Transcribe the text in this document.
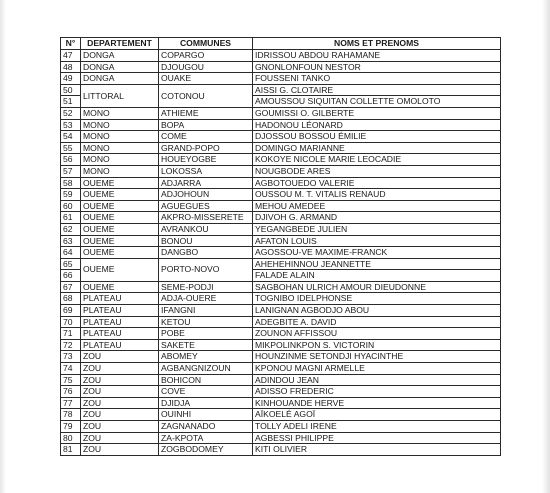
N°	DEPARTEMENT	COMMUNES	NOMS ET PRENOMS
47	DONGA	COPARGO	IDRISSOU ABDOU RAHAMANE
48	DONGA	DJOUGOU	GNONLONFOUN NESTOR
49	DONGA	OUAKE	FOUSSENI TANKO
50	LITTORAL	COTONOU	AISSI G. CLOTAIRE
51			AMOUSSOU SIQUITAN COLLETTE OMOLOTO
52	MONO	ATHIEME	GOUMISSI O. GILBERTE
53	MONO	BOPA	HADONOU LÉONARD
54	MONO	COME	DJOSSOU BOSSOU ÉMILIE
55	MONO	GRAND-POPO	DOMINGO MARIANNE
56	MONO	HOUEYOGBE	KOKOYE NICOLE MARIE LEOCADIE
57	MONO	LOKOSSA	NOUGBODE ARES
58	OUEME	ADJARRA	AGBOTOUEDO VALERIE
59	OUEME	ADJOHOUN	OUSSOU M. T. VITALIS RENAUD
60	OUEME	AGUEGUES	MEHOU AMEDEE
61	OUEME	AKPRO-MISSERETE	DJIVOH G. ARMAND
62	OUEME	AVRANKOU	YEGANGBEDE JULIEN
63	OUEME	BONOU	AFATON LOUIS
64	OUEME	DANGBO	AGOSSOU-VE MAXIME-FRANCK
65	OUEME	PORTO-NOVO	AHEHEHINNOU JEANNETTE
66			FALADE ALAIN
67	OUEME	SEME-PODJI	SAGBOHAN ULRICH AMOUR DIEUDONNE
68	PLATEAU	ADJA-OUERE	TOGNIBO IDELPHONSE
69	PLATEAU	IFANGNI	LANIGNAN AGBODJO ABOU
70	PLATEAU	KETOU	ADEGBITE A. DAVID
71	PLATEAU	POBE	ZOUNON AFFISSOU
72	PLATEAU	SAKETE	MIKPOLINKPON S. VICTORIN
73	ZOU	ABOMEY	HOUNZINME SETONDJI HYACINTHE
74	ZOU	AGBANGNIZOUN	KPONOU MAGNI ARMELLE
75	ZOU	BOHICON	ADINDOU JEAN
76	ZOU	COVE	ADISSO FREDERIC
77	ZOU	DJIDJA	KINHOUANDE HERVE
78	ZOU	OUINHI	AÏKOELÉ AGOÏ
79	ZOU	ZAGNANADO	TOLLY ADELI IRENE
80	ZOU	ZA-KPOTA	AGBESSI PHILIPPE
81	ZOU	ZOGBODOMEY	KITI OLIVIER
